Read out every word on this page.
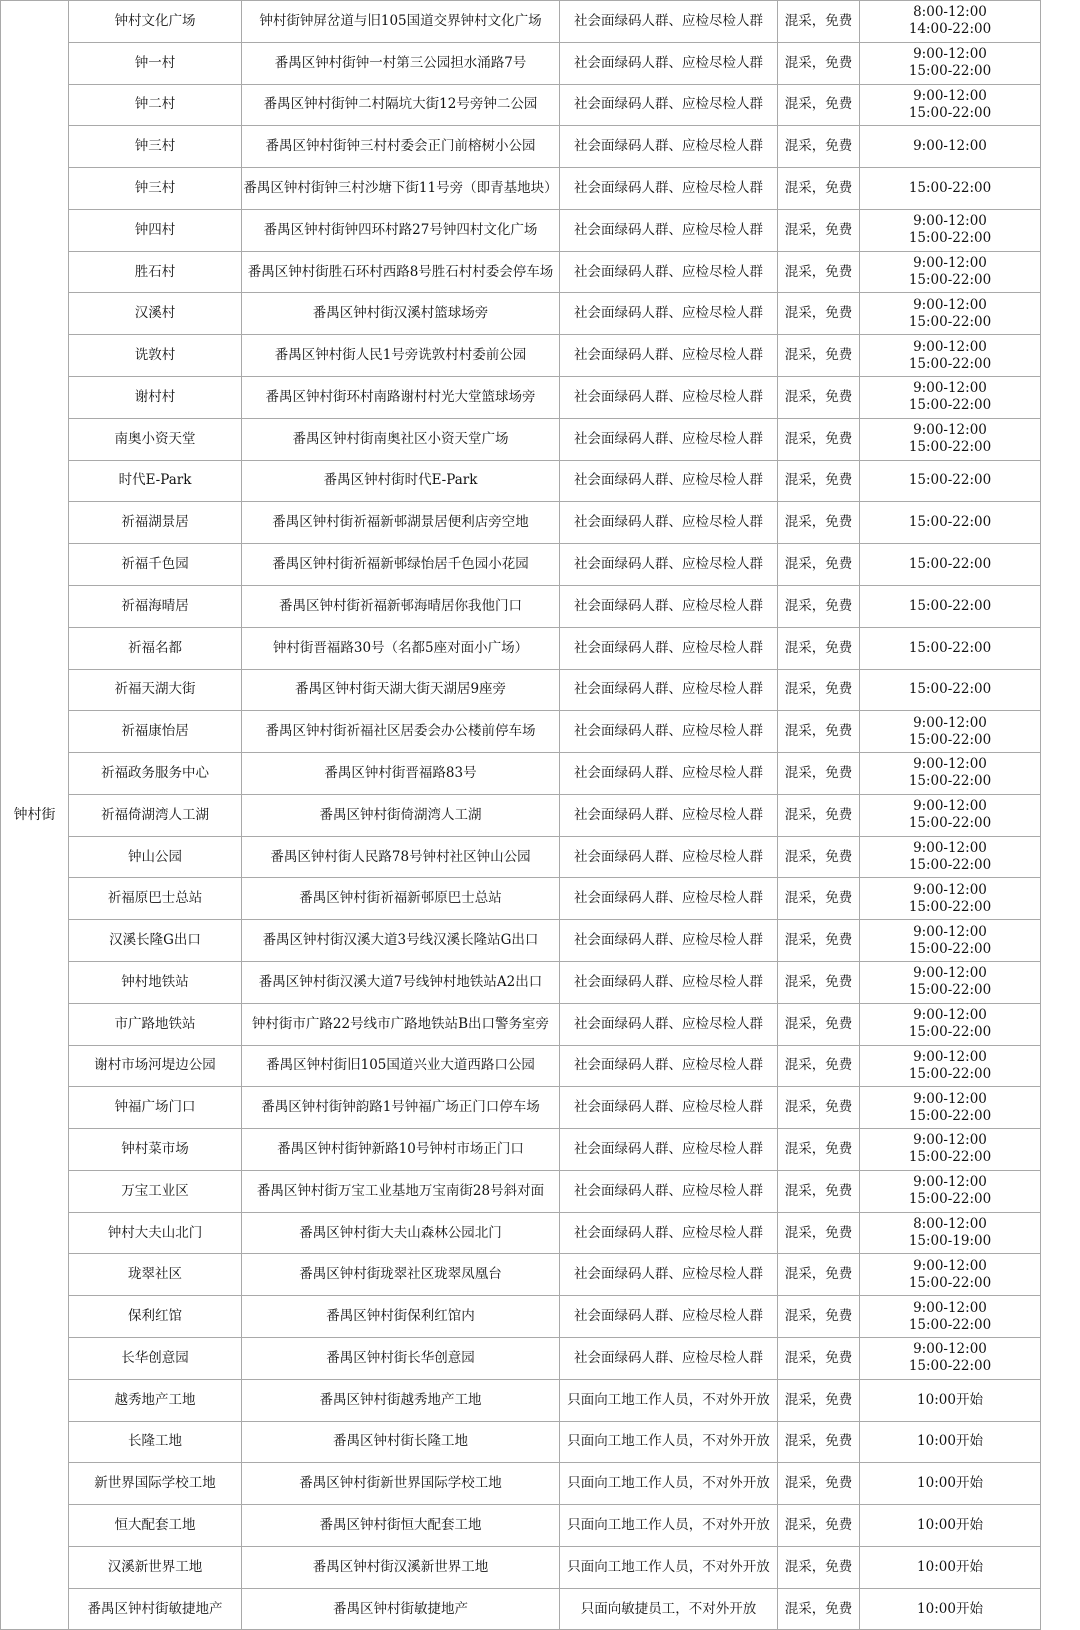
钟村街	钟村文化广场	钟村街钟屏岔道与旧105国道交界钟村文化广场	社会面绿码人群、应检尽检人群	混采，免费	8:00-12:00
14:00-22:00

	钟一村	番禺区钟村街钟一村第三公园担水涌路7号	社会面绿码人群、应检尽检人群	混采，免费	9:00-12:00
15:00-22:00

	钟二村	番禺区钟村街钟二村隔坑大街12号旁钟二公园	社会面绿码人群、应检尽检人群	混采，免费	9:00-12:00
15:00-22:00

	钟三村	番禺区钟村街钟三村村委会正门前榕树小公园	社会面绿码人群、应检尽检人群	混采，免费	9:00-12:00

	钟三村	番禺区钟村街钟三村沙塘下街11号旁（即青基地块）	社会面绿码人群、应检尽检人群	混采，免费	15:00-22:00

	钟四村	番禺区钟村街钟四环村路27号钟四村文化广场	社会面绿码人群、应检尽检人群	混采，免费	9:00-12:00
15:00-22:00

	胜石村	番禺区钟村街胜石环村西路8号胜石村村委会停车场	社会面绿码人群、应检尽检人群	混采，免费	9:00-12:00
15:00-22:00

	汉溪村	番禺区钟村街汉溪村篮球场旁	社会面绿码人群、应检尽检人群	混采，免费	9:00-12:00
15:00-22:00

	诜敦村	番禺区钟村街人民1号旁诜敦村村委前公园	社会面绿码人群、应检尽检人群	混采，免费	9:00-12:00
15:00-22:00

	谢村村	番禺区钟村街环村南路谢村村光大堂篮球场旁	社会面绿码人群、应检尽检人群	混采，免费	9:00-12:00
15:00-22:00

	南奥小资天堂	番禺区钟村街南奥社区小资天堂广场	社会面绿码人群、应检尽检人群	混采，免费	9:00-12:00
15:00-22:00

	时代E-Park	番禺区钟村街时代E-Park	社会面绿码人群、应检尽检人群	混采，免费	15:00-22:00

	祈福湖景居	番禺区钟村街祈福新邨湖景居便利店旁空地	社会面绿码人群、应检尽检人群	混采，免费	15:00-22:00

	祈福千色园	番禺区钟村街祈福新邨绿怡居千色园小花园	社会面绿码人群、应检尽检人群	混采，免费	15:00-22:00

	祈福海晴居	番禺区钟村街祈福新邨海晴居你我他门口	社会面绿码人群、应检尽检人群	混采，免费	15:00-22:00

	祈福名都	钟村街晋福路30号（名都5座对面小广场）	社会面绿码人群、应检尽检人群	混采，免费	15:00-22:00

	祈福天湖大街	番禺区钟村街天湖大街天湖居9座旁	社会面绿码人群、应检尽检人群	混采，免费	15:00-22:00

	祈福康怡居	番禺区钟村街祈福社区居委会办公楼前停车场	社会面绿码人群、应检尽检人群	混采，免费	9:00-12:00
15:00-22:00

	祈福政务服务中心	番禺区钟村街晋福路83号	社会面绿码人群、应检尽检人群	混采，免费	9:00-12:00
15:00-22:00

	祈福倚湖湾人工湖	番禺区钟村街倚湖湾人工湖	社会面绿码人群、应检尽检人群	混采，免费	9:00-12:00
15:00-22:00

	钟山公园	番禺区钟村街人民路78号钟村社区钟山公园	社会面绿码人群、应检尽检人群	混采，免费	9:00-12:00
15:00-22:00

	祈福原巴士总站	番禺区钟村街祈福新邨原巴士总站	社会面绿码人群、应检尽检人群	混采，免费	9:00-12:00
15:00-22:00

	汉溪长隆G出口	番禺区钟村街汉溪大道3号线汉溪长隆站G出口	社会面绿码人群、应检尽检人群	混采，免费	9:00-12:00
15:00-22:00

	钟村地铁站	番禺区钟村街汉溪大道7号线钟村地铁站A2出口	社会面绿码人群、应检尽检人群	混采，免费	9:00-12:00
15:00-22:00

	市广路地铁站	钟村街市广路22号线市广路地铁站B出口警务室旁	社会面绿码人群、应检尽检人群	混采，免费	9:00-12:00
15:00-22:00

	谢村市场河堤边公园	番禺区钟村街旧105国道兴业大道西路口公园	社会面绿码人群、应检尽检人群	混采，免费	9:00-12:00
15:00-22:00

	钟福广场门口	番禺区钟村街钟韵路1号钟福广场正门口停车场	社会面绿码人群、应检尽检人群	混采，免费	9:00-12:00
15:00-22:00

	钟村菜市场	番禺区钟村街钟新路10号钟村市场正门口	社会面绿码人群、应检尽检人群	混采，免费	9:00-12:00
15:00-22:00

	万宝工业区	番禺区钟村街万宝工业基地万宝南街28号斜对面	社会面绿码人群、应检尽检人群	混采，免费	9:00-12:00
15:00-22:00

	钟村大夫山北门	番禺区钟村街大夫山森林公园北门	社会面绿码人群、应检尽检人群	混采，免费	8:00-12:00
15:00-19:00

	珑翠社区	番禺区钟村街珑翠社区珑翠凤凰台	社会面绿码人群、应检尽检人群	混采，免费	9:00-12:00
15:00-22:00

	保利红馆	番禺区钟村街保利红馆内	社会面绿码人群、应检尽检人群	混采，免费	9:00-12:00
15:00-22:00

	长华创意园	番禺区钟村街长华创意园	社会面绿码人群、应检尽检人群	混采，免费	9:00-12:00
15:00-22:00

	越秀地产工地	番禺区钟村街越秀地产工地	只面向工地工作人员，不对外开放	混采，免费	10:00开始

	长隆工地	番禺区钟村街长隆工地	只面向工地工作人员，不对外开放	混采，免费	10:00开始

	新世界国际学校工地	番禺区钟村街新世界国际学校工地	只面向工地工作人员，不对外开放	混采，免费	10:00开始

	恒大配套工地	番禺区钟村街恒大配套工地	只面向工地工作人员，不对外开放	混采，免费	10:00开始

	汉溪新世界工地	番禺区钟村街汉溪新世界工地	只面向工地工作人员，不对外开放	混采，免费	10:00开始

	番禺区钟村街敏捷地产	番禺区钟村街敏捷地产	只面向敏捷员工，不对外开放	混采，免费	10:00开始
